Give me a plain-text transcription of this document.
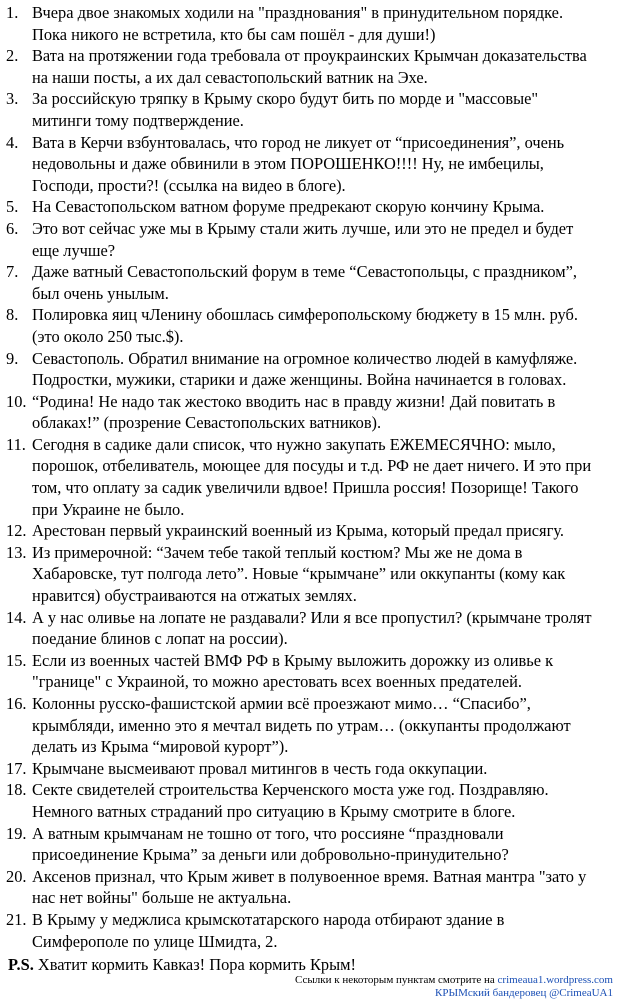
1. Вчера двое знакомых ходили на "празднования" в принудительном порядке.
Пока никого не встретила, кто бы сам пошёл - для души!)
2. Вата на протяжении года требовала от проукраинских Крымчан доказательства
на наши посты, а их дал севастопольский ватник на Эхе.
3. За российскую тряпку в Крыму скоро будут бить по морде и "массовые"
митинги тому подтверждение.
4. Вата в Керчи взбунтовалась, что город не ликует от “присоединения”, очень
недовольны и даже обвинили в этом ПОРОШЕНКО!!!! Ну, не имбецилы,
Господи, прости?! (ссылка на видео в блоге).
5. На Севастопольском ватном форуме предрекают скорую кончину Крыма.
6. Это вот сейчас уже мы в Крыму стали жить лучше, или это не предел и будет
еще лучше?
7. Даже ватный Севастопольский форум в теме “Севастопольцы, с праздником”,
был очень унылым.
8. Полировка яиц чЛенину обошлась симферопольскому бюджету в 15 млн. руб.
(это около 250 тыс.$).
9. Севастополь. Обратил внимание на огромное количество людей в камуфляже.
Подростки, мужики, старики и даже женщины. Война начинается в головах.
10. “Родина! Не надо так жестоко вводить нас в правду жизни! Дай повитать в
облаках!” (прозрение Севастопольских ватников).
11. Сегодня в садике дали список, что нужно закупать ЕЖЕМЕСЯЧНО: мыло,
порошок, отбеливатель, моющее для посуды и т.д. РФ не дает ничего. И это при
том, что оплату за садик увеличили вдвое! Пришла россия! Позорище! Такого
при Украине не было.
12. Арестован первый украинский военный из Крыма, который предал присягу.
13. Из примерочной: “Зачем тебе такой теплый костюм? Мы же не дома в
Хабаровске, тут полгода лето”. Новые “крымчане” или оккупанты (кому как
нравится) обустраиваются на отжатых землях.
14. А у нас оливье на лопате не раздавали? Или я все пропустил? (крымчане тролят
поедание блинов с лопат на россии).
15. Если из военных частей ВМФ РФ в Крыму выложить дорожку из оливье к
"границе" с Украиной, то можно арестовать всех военных предателей.
16. Колонны русско-фашистской армии всё проезжают мимо… “Спасибо”,
крымбляди, именно это я мечтал видеть по утрам… (оккупанты продолжают
делать из Крыма “мировой курорт”).
17. Крымчане высмеивают провал митингов в честь года оккупации.
18. Секте свидетелей строительства Керченского моста уже год. Поздравляю.
Немного ватных страданий про ситуацию в Крыму смотрите в блоге.
19. А ватным крымчанам не тошно от того, что россияне “праздновали
присоединение Крыма” за деньги или добровольно-принудительно?
20. Аксенов признал, что Крым живет в полувоенное время. Ватная мантра "зато у
нас нет войны" больше не актуальна.
21. В Крыму у меджлиса крымскотатарского народа отбирают здание в
Симферополе по улице Шмидта, 2.
P.S. Хватит кормить Кавказ! Пора кормить Крым!
Ссылки к некоторым пунктам смотрите на crimeaua1.wordpress.com
КРЫМский бандеровец @CrimeaUA1
